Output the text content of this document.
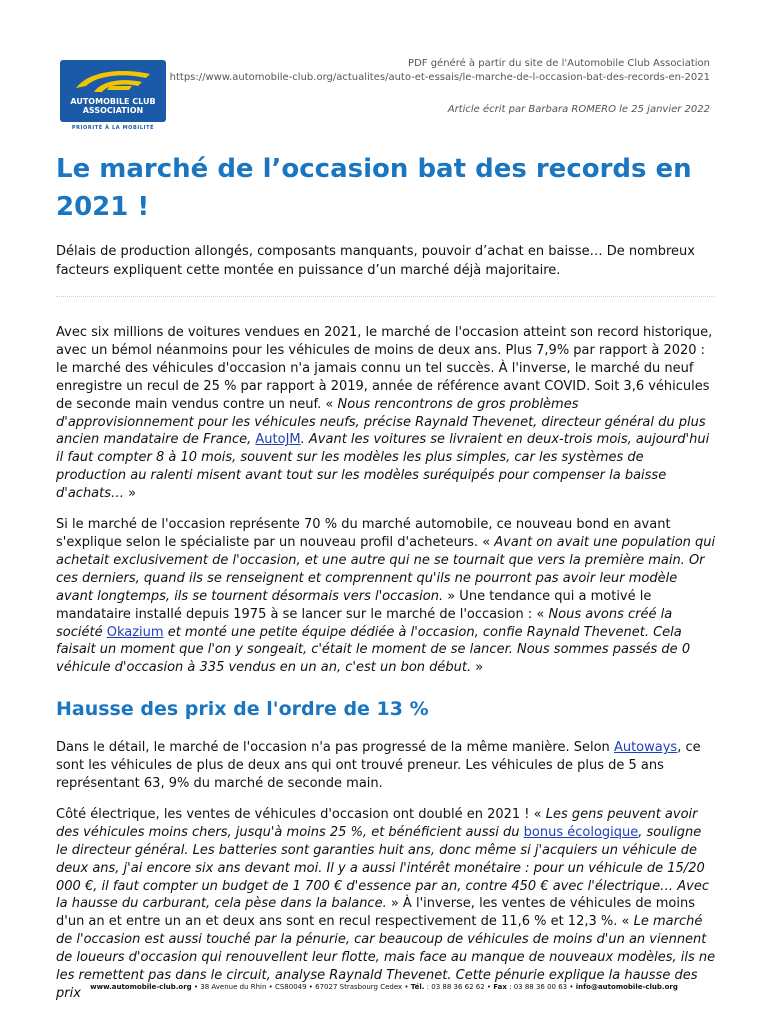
AUTOMOBILE CLUB
ASSOCIATION
PRIORITÉ À LA MOBILITÉ
PDF généré à partir du site de l'Automobile Club Association
https://www.automobile-club.org/actualites/auto-et-essais/le-marche-de-l-occasion-bat-des-records-en-2021
Article écrit par Barbara ROMERO le 25 janvier 2022
Le marché de l’occasion bat des records en 2021 !

Délais de production allongés, composants manquants, pouvoir d’achat en baisse… De nombreux facteurs expliquent cette montée en puissance d’un marché déjà majoritaire.

Avec six millions de voitures vendues en 2021, le marché de l'occasion atteint son record historique, avec un bémol néanmoins pour les véhicules de moins de deux ans. Plus 7,9% par rapport à 2020 : le marché des véhicules d'occasion n'a jamais connu un tel succès. À l'inverse, le marché du neuf enregistre un recul de 25 % par rapport à 2019, année de référence avant COVID. Soit 3,6 véhicules de seconde main vendus contre un neuf. « Nous rencontrons de gros problèmes d'approvisionnement pour les véhicules neufs, précise Raynald Thevenet, directeur général du plus ancien mandataire de France, AutoJM. Avant les voitures se livraient en deux-trois mois, aujourd'hui il faut compter 8 à 10 mois, souvent sur les modèles les plus simples, car les systèmes de production au ralenti misent avant tout sur les modèles suréquipés pour compenser la baisse d'achats… »

Si le marché de l'occasion représente 70 % du marché automobile, ce nouveau bond en avant s'explique selon le spécialiste par un nouveau profil d'acheteurs. « Avant on avait une population qui achetait exclusivement de l'occasion, et une autre qui ne se tournait que vers la première main. Or ces derniers, quand ils se renseignent et comprennent qu'ils ne pourront pas avoir leur modèle avant longtemps, ils se tournent désormais vers l'occasion. » Une tendance qui a motivé le mandataire installé depuis 1975 à se lancer sur le marché de l'occasion : « Nous avons créé la société Okazium et monté une petite équipe dédiée à l'occasion, confie Raynald Thevenet. Cela faisait un moment que l'on y songeait, c'était le moment de se lancer. Nous sommes passés de 0 véhicule d'occasion à 335 vendus en un an, c'est un bon début. »

Hausse des prix de l'ordre de 13 %

Dans le détail, le marché de l'occasion n'a pas progressé de la même manière. Selon Autoways, ce sont les véhicules de plus de deux ans qui ont trouvé preneur. Les véhicules de plus de 5 ans représentant 63, 9% du marché de seconde main.

Côté électrique, les ventes de véhicules d'occasion ont doublé en 2021 ! « Les gens peuvent avoir des véhicules moins chers, jusqu'à moins 25 %, et bénéficient aussi du bonus écologique, souligne le directeur général. Les batteries sont garanties huit ans, donc même si j'acquiers un véhicule de deux ans, j'ai encore six ans devant moi. Il y a aussi l'intérêt monétaire : pour un véhicule de 15/20 000 €, il faut compter un budget de 1 700 € d'essence par an, contre 450 € avec l'électrique… Avec la hausse du carburant, cela pèse dans la balance. » À l'inverse, les ventes de véhicules de moins d'un an et entre un an et deux ans sont en recul respectivement de 11,6 % et 12,3 %. « Le marché de l'occasion est aussi touché par la pénurie, car beaucoup de véhicules de moins d'un an viennent de loueurs d'occasion qui renouvellent leur flotte, mais face au manque de nouveaux modèles, ils ne les remettent pas dans le circuit, analyse Raynald Thevenet. Cette pénurie explique la hausse des prix	www.automobile-club.org • 38 Avenue du Rhin • CS80049 • 67027 Strasbourg Cedex • Tél. : 03 88 36 62 62 • Fax : 03 88 36 00 63 • info@automobile-club.org
